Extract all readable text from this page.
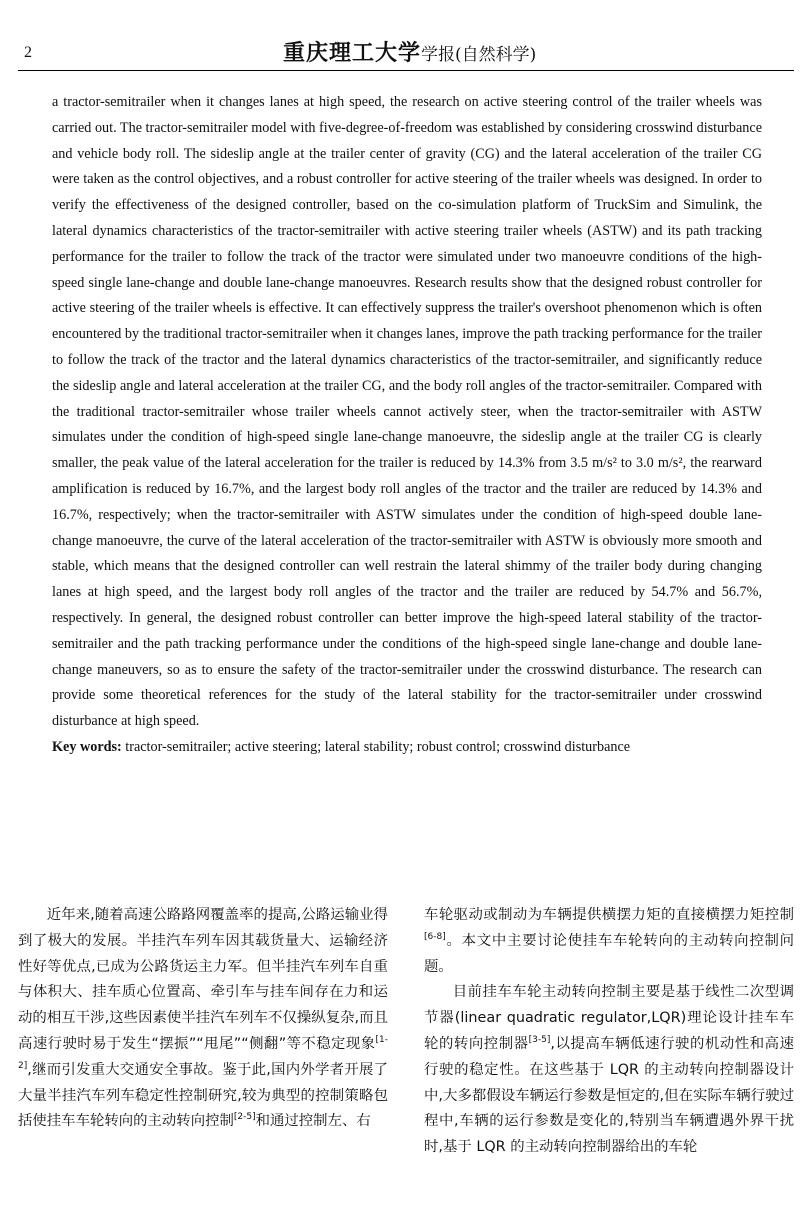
2	重庆理工大学学报(自然科学)

a tractor-semitrailer when it changes lanes at high speed, the research on active steering control of the trailer wheels was carried out. The tractor-semitrailer model with five-degree-of-freedom was established by considering crosswind disturbance and vehicle body roll. The sideslip angle at the trailer center of gravity (CG) and the lateral acceleration of the trailer CG were taken as the control objectives, and a robust controller for active steering of the trailer wheels was designed. In order to verify the effectiveness of the designed controller, based on the co-simulation platform of TruckSim and Simulink, the lateral dynamics characteristics of the tractor-semitrailer with active steering trailer wheels (ASTW) and its path tracking performance for the trailer to follow the track of the tractor were simulated under two manoeuvre conditions of the high-speed single lane-change and double lane-change manoeuvres. Research results show that the designed robust controller for active steering of the trailer wheels is effective. It can effectively suppress the trailer's overshoot phenomenon which is often encountered by the traditional tractor-semitrailer when it changes lanes, improve the path tracking performance for the trailer to follow the track of the tractor and the lateral dynamics characteristics of the tractor-semitrailer, and significantly reduce the sideslip angle and lateral acceleration at the trailer CG, and the body roll angles of the tractor-semitrailer. Compared with the traditional tractor-semitrailer whose trailer wheels cannot actively steer, when the tractor-semitrailer with ASTW simulates under the condition of high-speed single lane-change manoeuvre, the sideslip angle at the trailer CG is clearly smaller, the peak value of the lateral acceleration for the trailer is reduced by 14.3% from 3.5 m/s² to 3.0 m/s², the rearward amplification is reduced by 16.7%, and the largest body roll angles of the tractor and the trailer are reduced by 14.3% and 16.7%, respectively; when the tractor-semitrailer with ASTW simulates under the condition of high-speed double lane-change manoeuvre, the curve of the lateral acceleration of the tractor-semitrailer with ASTW is obviously more smooth and stable, which means that the designed controller can well restrain the lateral shimmy of the trailer body during changing lanes at high speed, and the largest body roll angles of the tractor and the trailer are reduced by 54.7% and 56.7%, respectively. In general, the designed robust controller can better improve the high-speed lateral stability of the tractor-semitrailer and the path tracking performance under the conditions of the high-speed single lane-change and double lane-change maneuvers, so as to ensure the safety of the tractor-semitrailer under the crosswind disturbance. The research can provide some theoretical references for the study of the lateral stability for the tractor-semitrailer under crosswind disturbance at high speed.

Key words: tractor-semitrailer; active steering; lateral stability; robust control; crosswind disturbance

近年来,随着高速公路路网覆盖率的提高,公路运输业得到了极大的发展。半挂汽车列车因其载货量大、运输经济性好等优点,已成为公路货运主力军。但半挂汽车列车自重与体积大、挂车质心位置高、牵引车与挂车间存在力和运动的相互干涉,这些因素使半挂汽车列车不仅操纵复杂,而且高速行驶时易于发生“摆振”“甩尾”“侧翻”等不稳定现象[1-2],继而引发重大交通安全事故。鉴于此,国内外学者开展了大量半挂汽车列车稳定性控制研究,较为典型的控制策略包括使挂车车轮转向的主动转向控制[2-5]和通过控制左、右

车轮驱动或制动为车辆提供横摆力矩的直接横摆力矩控制[6-8]。本文中主要讨论使挂车车轮转向的主动转向控制问题。

目前挂车车轮主动转向控制主要是基于线性二次型调节器(linear quadratic regulator,LQR)理论设计挂车车轮的转向控制器[3-5],以提高车辆低速行驶的机动性和高速行驶的稳定性。在这些基于 LQR 的主动转向控制器设计中,大多都假设车辆运行参数是恒定的,但在实际车辆行驶过程中,车辆的运行参数是变化的,特别当车辆遭遇外界干扰时,基于 LQR 的主动转向控制器给出的车轮
